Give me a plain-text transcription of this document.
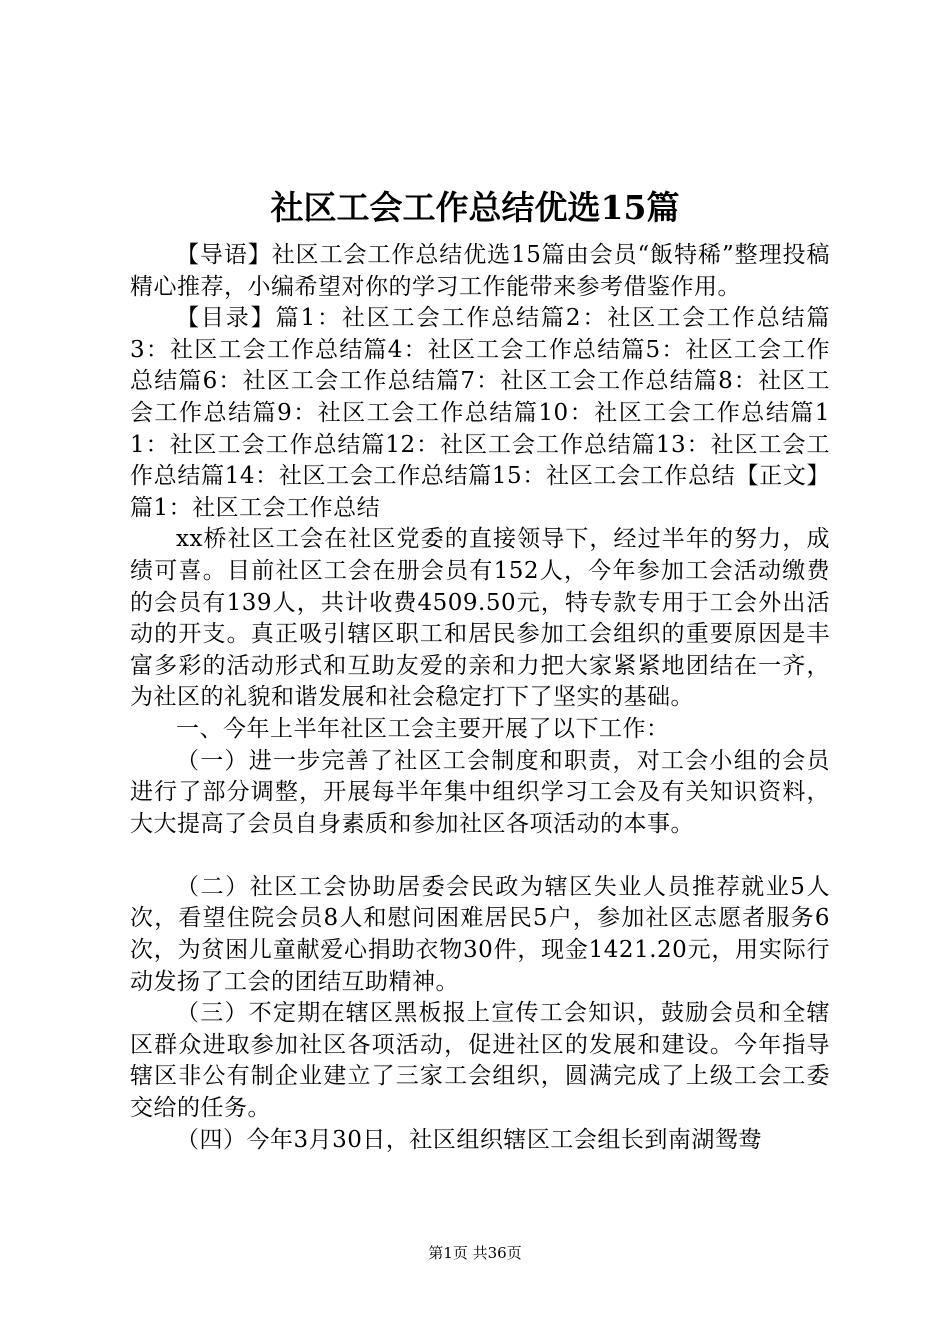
社区工会工作总结优选15篇

【导语】社区工会工作总结优选15篇由会员“飯特稀”整理投稿精心推荐，小编希望对你的学习工作能带来参考借鉴作用。

【目录】篇1：社区工会工作总结篇2：社区工会工作总结篇3：社区工会工作总结篇4：社区工会工作总结篇5：社区工会工作总结篇6：社区工会工作总结篇7：社区工会工作总结篇8：社区工会工作总结篇9：社区工会工作总结篇10：社区工会工作总结篇11：社区工会工作总结篇12：社区工会工作总结篇13：社区工会工作总结篇14：社区工会工作总结篇15：社区工会工作总结【正文】篇1：社区工会工作总结

xx桥社区工会在社区党委的直接领导下，经过半年的努力，成绩可喜。目前社区工会在册会员有152人，今年参加工会活动缴费的会员有139人，共计收费4509.50元，特专款专用于工会外出活动的开支。真正吸引辖区职工和居民参加工会组织的重要原因是丰富多彩的活动形式和互助友爱的亲和力把大家紧紧地团结在一齐，为社区的礼貌和谐发展和社会稳定打下了坚实的基础。

一、今年上半年社区工会主要开展了以下工作：

（一）进一步完善了社区工会制度和职责，对工会小组的会员进行了部分调整，开展每半年集中组织学习工会及有关知识资料，大大提高了会员自身素质和参加社区各项活动的本事。

（二）社区工会协助居委会民政为辖区失业人员推荐就业5人次，看望住院会员8人和慰问困难居民5户，参加社区志愿者服务6次，为贫困儿童献爱心捐助衣物30件，现金1421.20元，用实际行动发扬了工会的团结互助精神。

（三）不定期在辖区黑板报上宣传工会知识，鼓励会员和全辖区群众进取参加社区各项活动，促进社区的发展和建设。今年指导辖区非公有制企业建立了三家工会组织，圆满完成了上级工会工委交给的任务。

（四）今年3月30日，社区组织辖区工会组长到南湖鸳鸯

第1页 共36页
